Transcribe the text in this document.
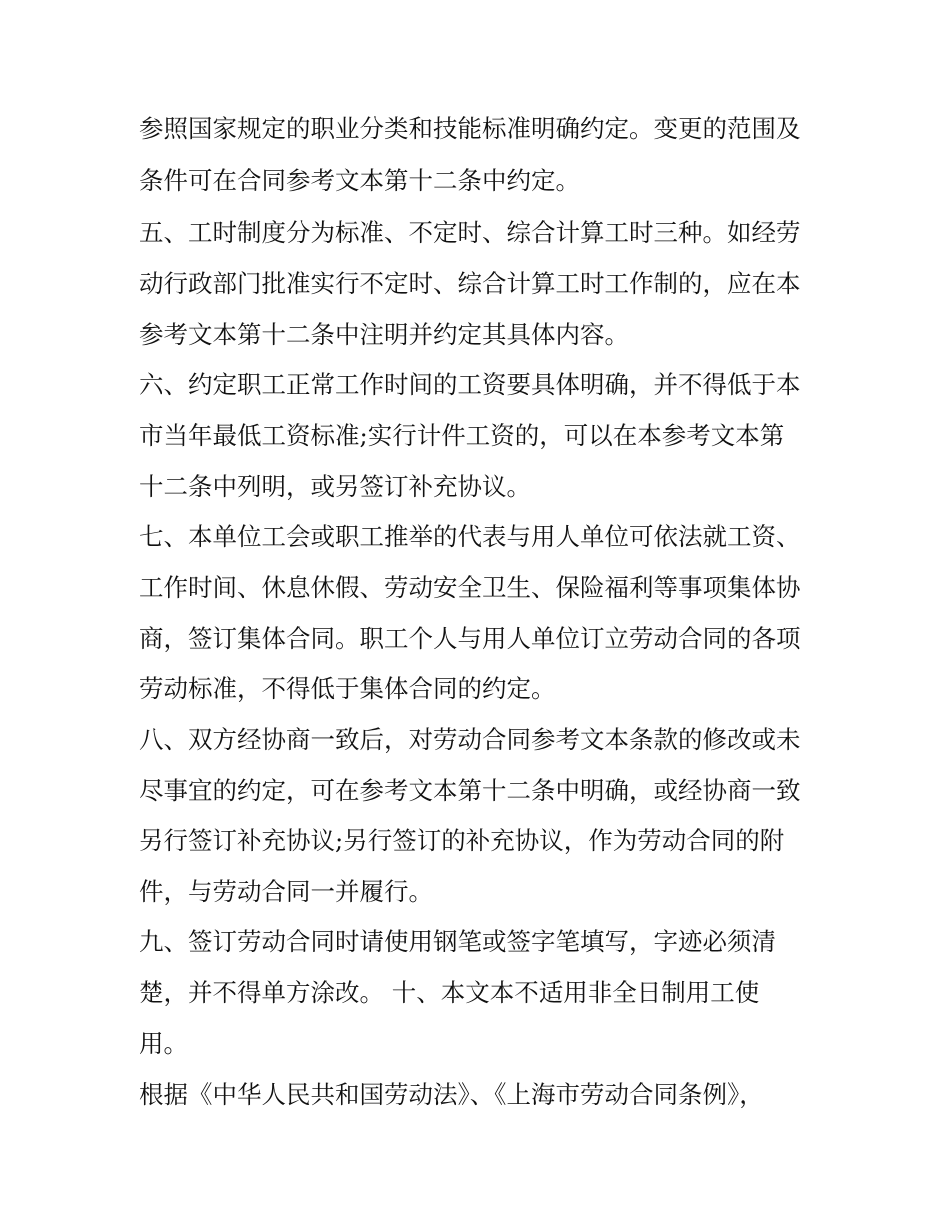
参照国家规定的职业分类和技能标准明确约定。变更的范围及
条件可在合同参考文本第十二条中约定。
五、工时制度分为标准、不定时、综合计算工时三种。如经劳
动行政部门批准实行不定时、综合计算工时工作制的，应在本
参考文本第十二条中注明并约定其具体内容。
六、约定职工正常工作时间的工资要具体明确，并不得低于本
市当年最低工资标准;实行计件工资的，可以在本参考文本第
十二条中列明，或另签订补充协议。
七、本单位工会或职工推举的代表与用人单位可依法就工资、
工作时间、休息休假、劳动安全卫生、保险福利等事项集体协
商，签订集体合同。职工个人与用人单位订立劳动合同的各项
劳动标准，不得低于集体合同的约定。
八、双方经协商一致后，对劳动合同参考文本条款的修改或未
尽事宜的约定，可在参考文本第十二条中明确，或经协商一致
另行签订补充协议;另行签订的补充协议，作为劳动合同的附
件，与劳动合同一并履行。
九、签订劳动合同时请使用钢笔或签字笔填写，字迹必须清
楚，并不得单方涂改。 十、本文本不适用非全日制用工使
用。
根据《中华人民共和国劳动法》、《上海市劳动合同条例》，
